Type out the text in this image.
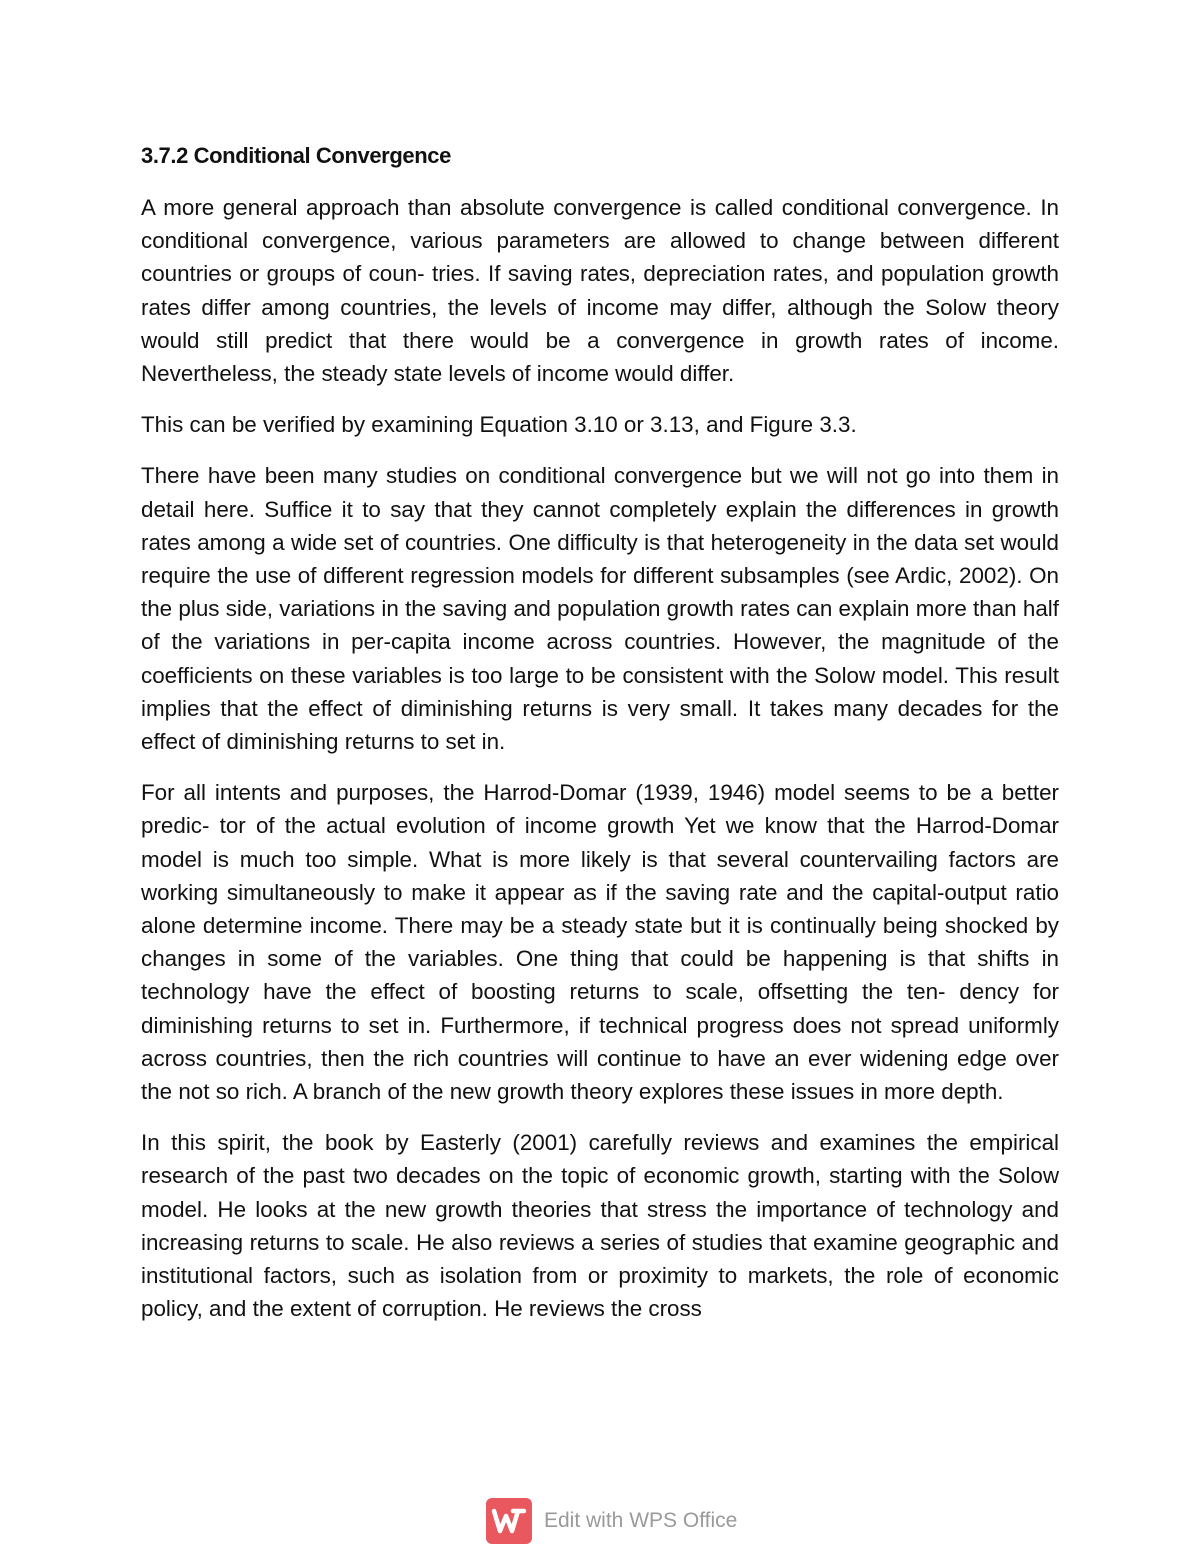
3.7.2 Conditional Convergence

A more general approach than absolute convergence is called conditional convergence. In conditional convergence, various parameters are allowed to change between different countries or groups of coun- tries. If saving rates, depreciation rates, and population growth rates differ among countries, the levels of income may differ, although the Solow theory would still predict that there would be a convergence in growth rates of income. Nevertheless, the steady state levels of income would differ.

This can be verified by examining Equation 3.10 or 3.13, and Figure 3.3.

There have been many studies on conditional convergence but we will not go into them in detail here. Suffice it to say that they cannot completely explain the differences in growth rates among a wide set of countries. One difficulty is that heterogeneity in the data set would require the use of different regression models for different subsamples (see Ardic, 2002). On the plus side, variations in the saving and population growth rates can explain more than half of the variations in per-capita income across countries. However, the magnitude of the coefficients on these variables is too large to be consistent with the Solow model. This result implies that the effect of diminishing returns is very small. It takes many decades for the effect of diminishing returns to set in.

For all intents and purposes, the Harrod-Domar (1939, 1946) model seems to be a better predic- tor of the actual evolution of income growth Yet we know that the Harrod-Domar model is much too simple. What is more likely is that several countervailing factors are working simultaneously to make it appear as if the saving rate and the capital-output ratio alone determine income. There may be a steady state but it is continually being shocked by changes in some of the variables. One thing that could be happening is that shifts in technology have the effect of boosting returns to scale, offsetting the ten- dency for diminishing returns to set in. Furthermore, if technical progress does not spread uniformly across countries, then the rich countries will continue to have an ever widening edge over the not so rich. A branch of the new growth theory explores these issues in more depth.

In this spirit, the book by Easterly (2001) carefully reviews and examines the empirical research of the past two decades on the topic of economic growth, starting with the Solow model. He looks at the new growth theories that stress the importance of technology and increasing returns to scale. He also reviews a series of studies that examine geographic and institutional factors, such as isolation from or proximity to markets, the role of economic policy, and the extent of corruption. He reviews the cross

Edit with WPS Office
